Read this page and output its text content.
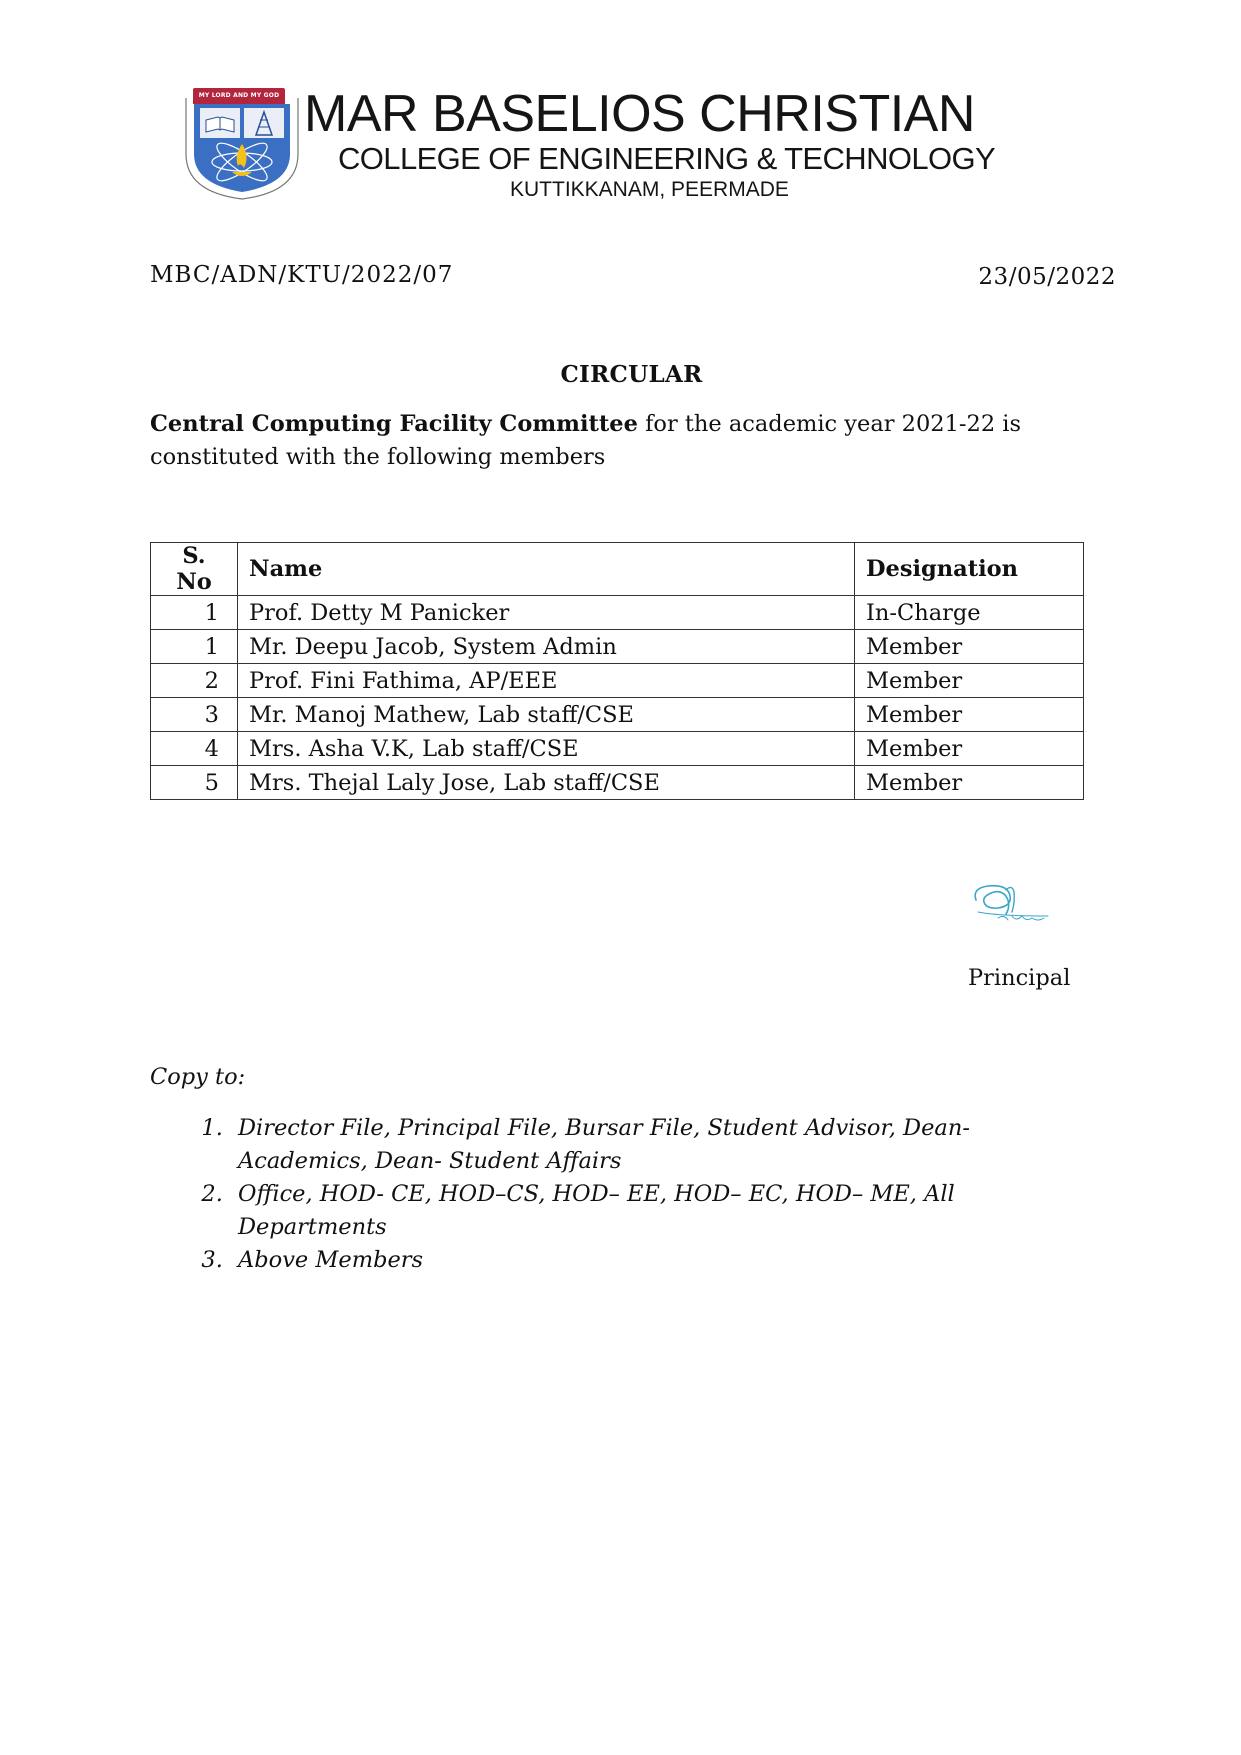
MY LORD AND MY GOD MAR BASELIOS CHRISTIAN
COLLEGE OF ENGINEERING & TECHNOLOGY
KUTTIKKANAM, PEERMADE
MBC/ADN/KTU/2022/07	23/05/2022
CIRCULAR
Central Computing Facility Committee for the academic year 2021-22 is constituted with the following members
S. No	Name	Designation
1	Prof. Detty M Panicker	In-Charge
1	Mr. Deepu Jacob, System Admin	Member
2	Prof. Fini Fathima, AP/EEE	Member
3	Mr. Manoj Mathew, Lab staff/CSE	Member
4	Mrs. Asha V.K, Lab staff/CSE	Member
5	Mrs. Thejal Laly Jose, Lab staff/CSE	Member
Principal
Copy to:
1. Director File, Principal File, Bursar File, Student Advisor, Dean- Academics, Dean- Student Affairs
2. Office, HOD- CE, HOD–CS, HOD– EE, HOD– EC, HOD– ME, All Departments
3. Above Members
